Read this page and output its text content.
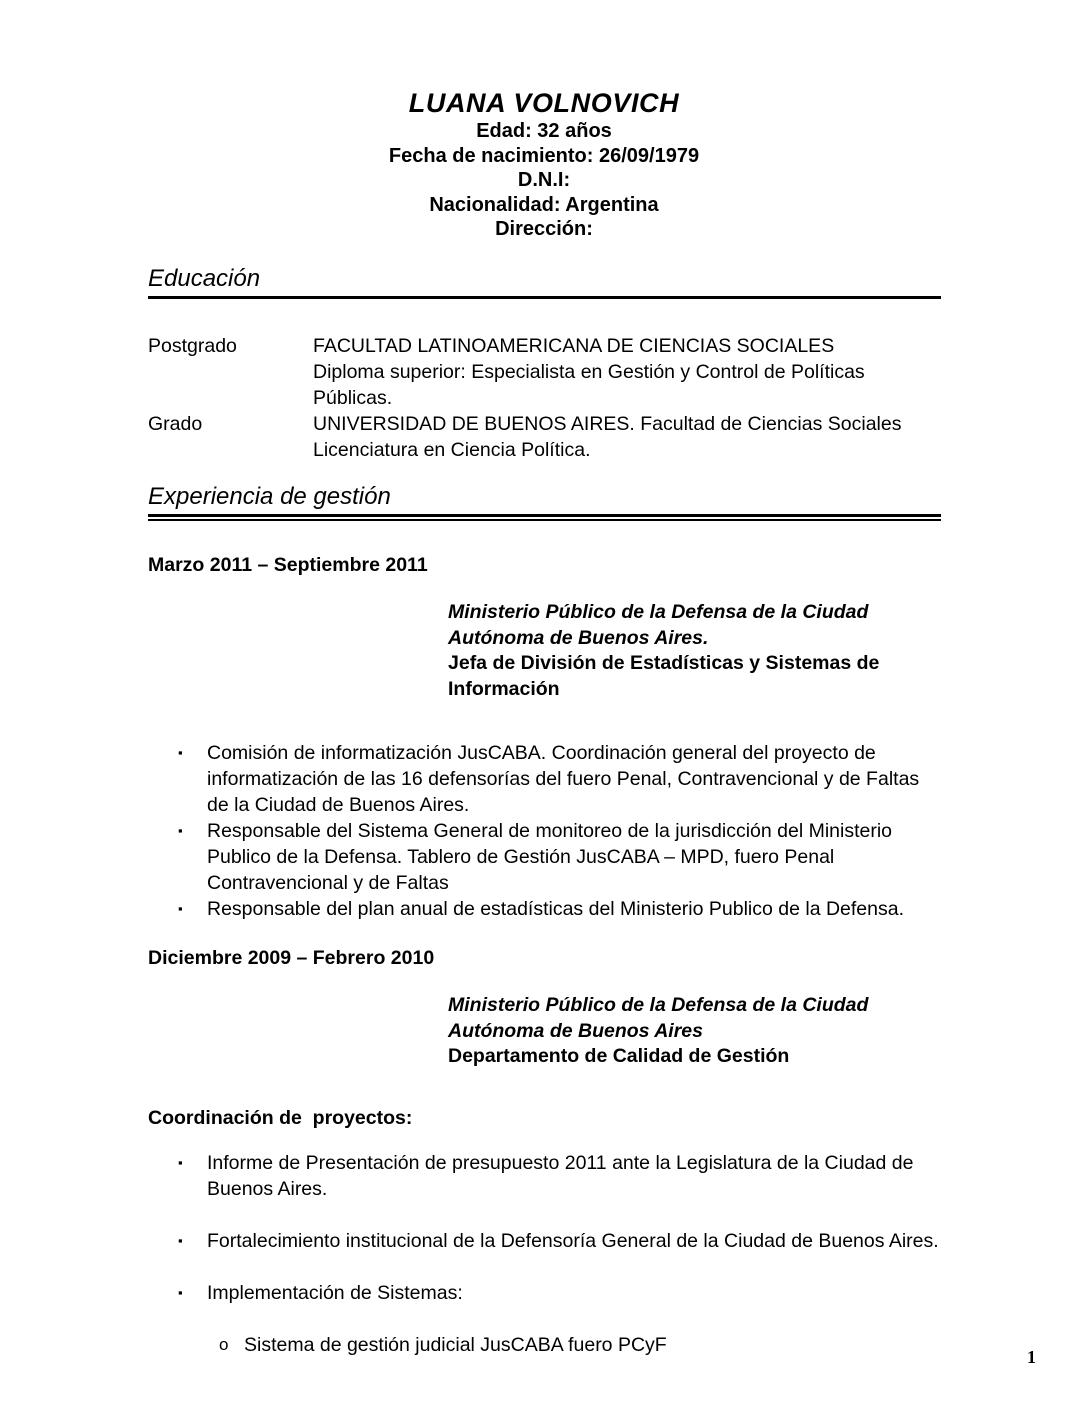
LUANA VOLNOVICH
Edad: 32 años
Fecha de nacimiento: 26/09/1979
D.N.I:
Nacionalidad: Argentina
Dirección:
Educación
Postgrado	FACULTAD LATINOAMERICANA DE CIENCIAS SOCIALES
Diploma superior: Especialista en Gestión y Control de Políticas Públicas.
Grado	UNIVERSIDAD DE BUENOS AIRES. Facultad de Ciencias Sociales
Licenciatura en Ciencia Política.
Experiencia de gestión
Marzo 2011 – Septiembre 2011
Ministerio Público de la Defensa de la Ciudad
Autónoma de Buenos Aires.
Jefa de División de Estadísticas y Sistemas de
Información
▪	Comisión de informatización JusCABA. Coordinación general del proyecto de informatización de las 16 defensorías del fuero Penal, Contravencional y de Faltas de la Ciudad de Buenos Aires.
▪	Responsable del Sistema General de monitoreo de la jurisdicción del Ministerio Publico de la Defensa. Tablero de Gestión JusCABA – MPD, fuero Penal Contravencional y de Faltas
▪	Responsable del plan anual de estadísticas del Ministerio Publico de la Defensa.
Diciembre 2009 – Febrero 2010
Ministerio Público de la Defensa de la Ciudad
Autónoma de Buenos Aires
Departamento de Calidad de Gestión
Coordinación de  proyectos:
▪	Informe de Presentación de presupuesto 2011 ante la Legislatura de la Ciudad de Buenos Aires.
▪	Fortalecimiento institucional de la Defensoría General de la Ciudad de Buenos Aires.
▪	Implementación de Sistemas:
o Sistema de gestión judicial JusCABA fuero PCyF
1
